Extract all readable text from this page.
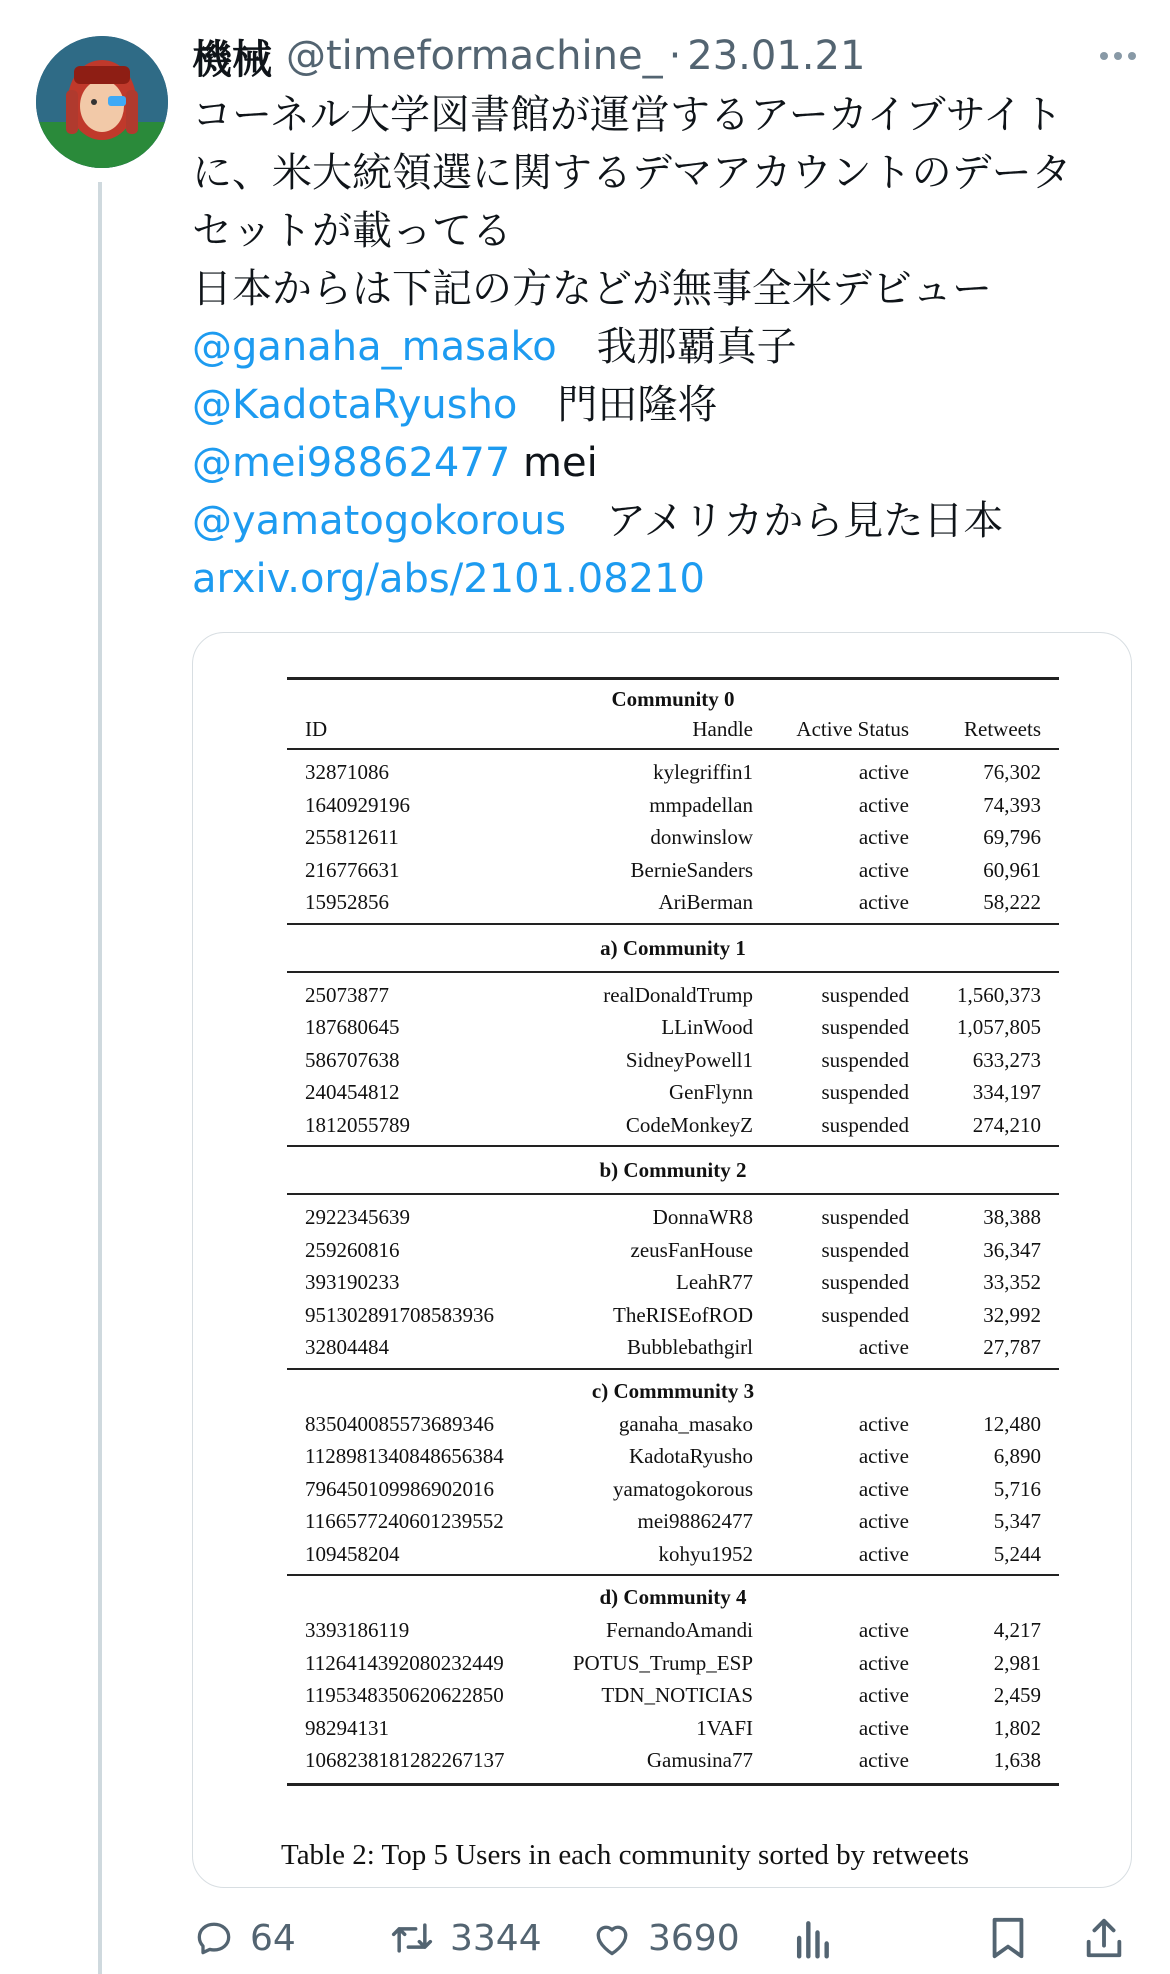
機械 @timeformachine_ · 23.01.21
コーネル大学図書館が運営するアーカイブサイト
に、米大統領選に関するデマアカウントのデータ
セットが載ってる
日本からは下記の方などが無事全米デビュー
@ganaha_masako　我那覇真子
@KadotaRyusho　門田隆将
@mei98862477 mei
@yamatogokorous　アメリカから見た日本
arxiv.org/abs/2101.08210
Community 0
ID	Handle Active Status	Retweets
32871086	kylegriffin1	active	76,302
1640929196	mmpadellan	active	74,393
255812611	donwinslow	active	69,796
216776631	BernieSanders	active	60,961
15952856	AriBerman	active	58,222
a) Community 1
25073877	realDonaldTrump	suspended 1,560,373
187680645	LLinWood	suspended 1,057,805
586707638	SidneyPowell1	suspended	633,273
240454812	GenFlynn	suspended	334,197
1812055789	CodeMonkeyZ	suspended	274,210
b) Community 2
2922345639	DonnaWR8	suspended	38,388
259260816	zeusFanHouse	suspended	36,347
393190233	LeahR77	suspended	33,352
951302891708583936	TheRISEofROD	suspended	32,992
32804484	Bubblebathgirl	active	27,787
c) Commmunity 3
835040085573689346	ganaha_masako	active	12,480
1128981340848656384	KadotaRyusho	active	6,890
796450109986902016	yamatogokorous	active	5,716
1166577240601239552	mei98862477	active	5,347
109458204	kohyu1952	active	5,244
d) Community 4
3393186119	FernandoAmandi	active	4,217
1126414392080232449	POTUS_Trump_ESP	active	2,981
1195348350620622850	TDN_NOTICIAS	active	2,459
98294131	1VAFI	active	1,802
1068238181282267137	Gamusina77	active	1,638
Table 2: Top 5 Users in each community sorted by retweets
64	3344	3690
